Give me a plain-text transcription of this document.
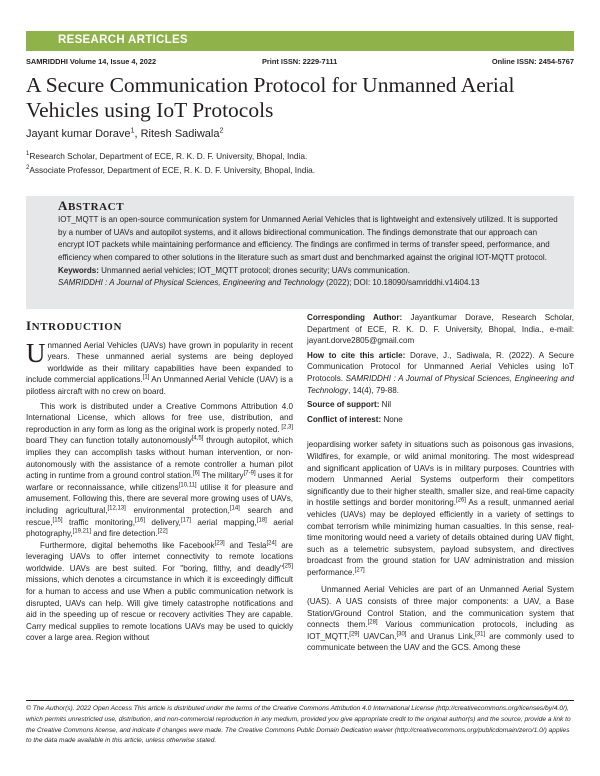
RESEARCH ARTICLES
SAMRIDDHI Volume 14, Issue 4, 2022	Print ISSN: 2229-7111	Online ISSN: 2454-5767
A Secure Communication Protocol for Unmanned Aerial Vehicles using IoT Protocols
Jayant kumar Dorave$^1$, Ritesh Sadiwala$^2$
$^1$Research Scholar, Department of ECE, R. K. D. F. University, Bhopal, India.
$^2$Associate Professor, Department of ECE, R. K. D. F. University, Bhopal, India.
ABSTRACT

IOT_MQTT is an open-source communication system for Unmanned Aerial Vehicles that is lightweight and extensively utilized. It is supported by a number of UAVs and autopilot systems, and it allows bidirectional communication. The findings demonstrate that our approach can encrypt IOT packets while maintaining performance and efficiency. The findings are confirmed in terms of transfer speed, performance, and efficiency when compared to other solutions in the literature such as smart dust and benchmarked against the original IOT-MQTT protocol.

Keywords: Unmanned aerial vehicles; IOT_MQTT protocol; drones security; UAVs communication.

SAMRIDDHI : A Journal of Physical Sciences, Engineering and Technology (2022); DOI: 10.18090/samriddhi.v14i04.13

INTRODUCTION

Unmanned Aerial Vehicles (UAVs) have grown in popularity in recent years. These unmanned aerial systems are being deployed worldwide as their military capabilities have been expanded to include commercial applications.[1] An Unmanned Aerial Vehicle (UAV) is a pilotless aircraft with no crew on board.

This work is distributed under a Creative Commons Attribution 4.0 International License, which allows for free use, distribution, and reproduction in any form as long as the original work is properly noted. [2,3] board They can function totally autonomously[4,5] through autopilot, which implies they can accomplish tasks without human intervention, or non-autonomously with the assistance of a remote controller a human pilot acting in runtime from a ground control station.[6] The military[7-9] uses it for warfare or reconnaissance, while citizens[10,11] utilise it for pleasure and amusement. Following this, there are several more growing uses of UAVs, including agricultural,[12,13] environmental protection,[14] search and rescue,[15] traffic monitoring,[16] delivery,[17] aerial mapping,[18] aerial photography,[19,21] and fire detection.[22]

Furthermore, digital behemoths like Facebook[23] and Tesla[24] are leveraging UAVs to offer internet connectivity to remote locations worldwide. UAVs are best suited. For "boring, filthy, and deadly"[25] missions, which denotes a circumstance in which it is exceedingly difficult for a human to access and use When a public communication network is disrupted, UAVs can help. Will give timely catastrophe notifications and aid in the speeding up of rescue or recovery activities They are capable. Carry medical supplies to remote locations UAVs may be used to quickly cover a large area. Region without

Corresponding Author: Jayantkumar Dorave, Research Scholar, Department of ECE, R. K. D. F. University, Bhopal, India., e-mail: jayant.dorve2805@gmail.com

How to cite this article: Dorave, J., Sadiwala, R. (2022). A Secure Communication Protocol for Unmanned Aerial Vehicles using IoT Protocols. SAMRIDDHI : A Journal of Physical Sciences, Engineering and Technology, 14(4), 79-88.

Source of support: Nil

Conflict of interest: None

jeopardising worker safety in situations such as poisonous gas invasions, Wildfires, for example, or wild animal monitoring. The most widespread and significant application of UAVs is in military purposes. Countries with modern Unmanned Aerial Systems outperform their competitors significantly due to their higher stealth, smaller size, and real-time capacity in hostile settings and border monitoring.[26] As a result, unmanned aerial vehicles (UAVs) may be deployed efficiently in a variety of settings to combat terrorism while minimizing human casualties. In this sense, real-time monitoring would need a variety of details obtained during UAV flight, such as a telemetric subsystem, payload subsystem, and directives broadcast from the ground station for UAV administration and mission performance.[27]

Unmanned Aerial Vehicles are part of an Unmanned Aerial System (UAS). A UAS consists of three major components: a UAV, a Base Station/Ground Control Station, and the communication system that connects them.[28] Various communication protocols, including as IOT_MQTT,[29] UAVCan,[30] and Uranus Link,[31] are commonly used to communicate between the UAV and the GCS. Among these

© The Author(s). 2022 Open Access This article is distributed under the terms of the Creative Commons Attribution 4.0 International License (http://creativecommons.org/licenses/by/4.0/), which permits unrestricted use, distribution, and non-commercial reproduction in any medium, provided you give appropriate credit to the original author(s) and the source, provide a link to the Creative Commons license, and indicate if changes were made. The Creative Commons Public Domain Dedication waiver (http://creativecommons.org/publicdomain/zero/1.0/) applies to the data made available in this article, unless otherwise stated.
